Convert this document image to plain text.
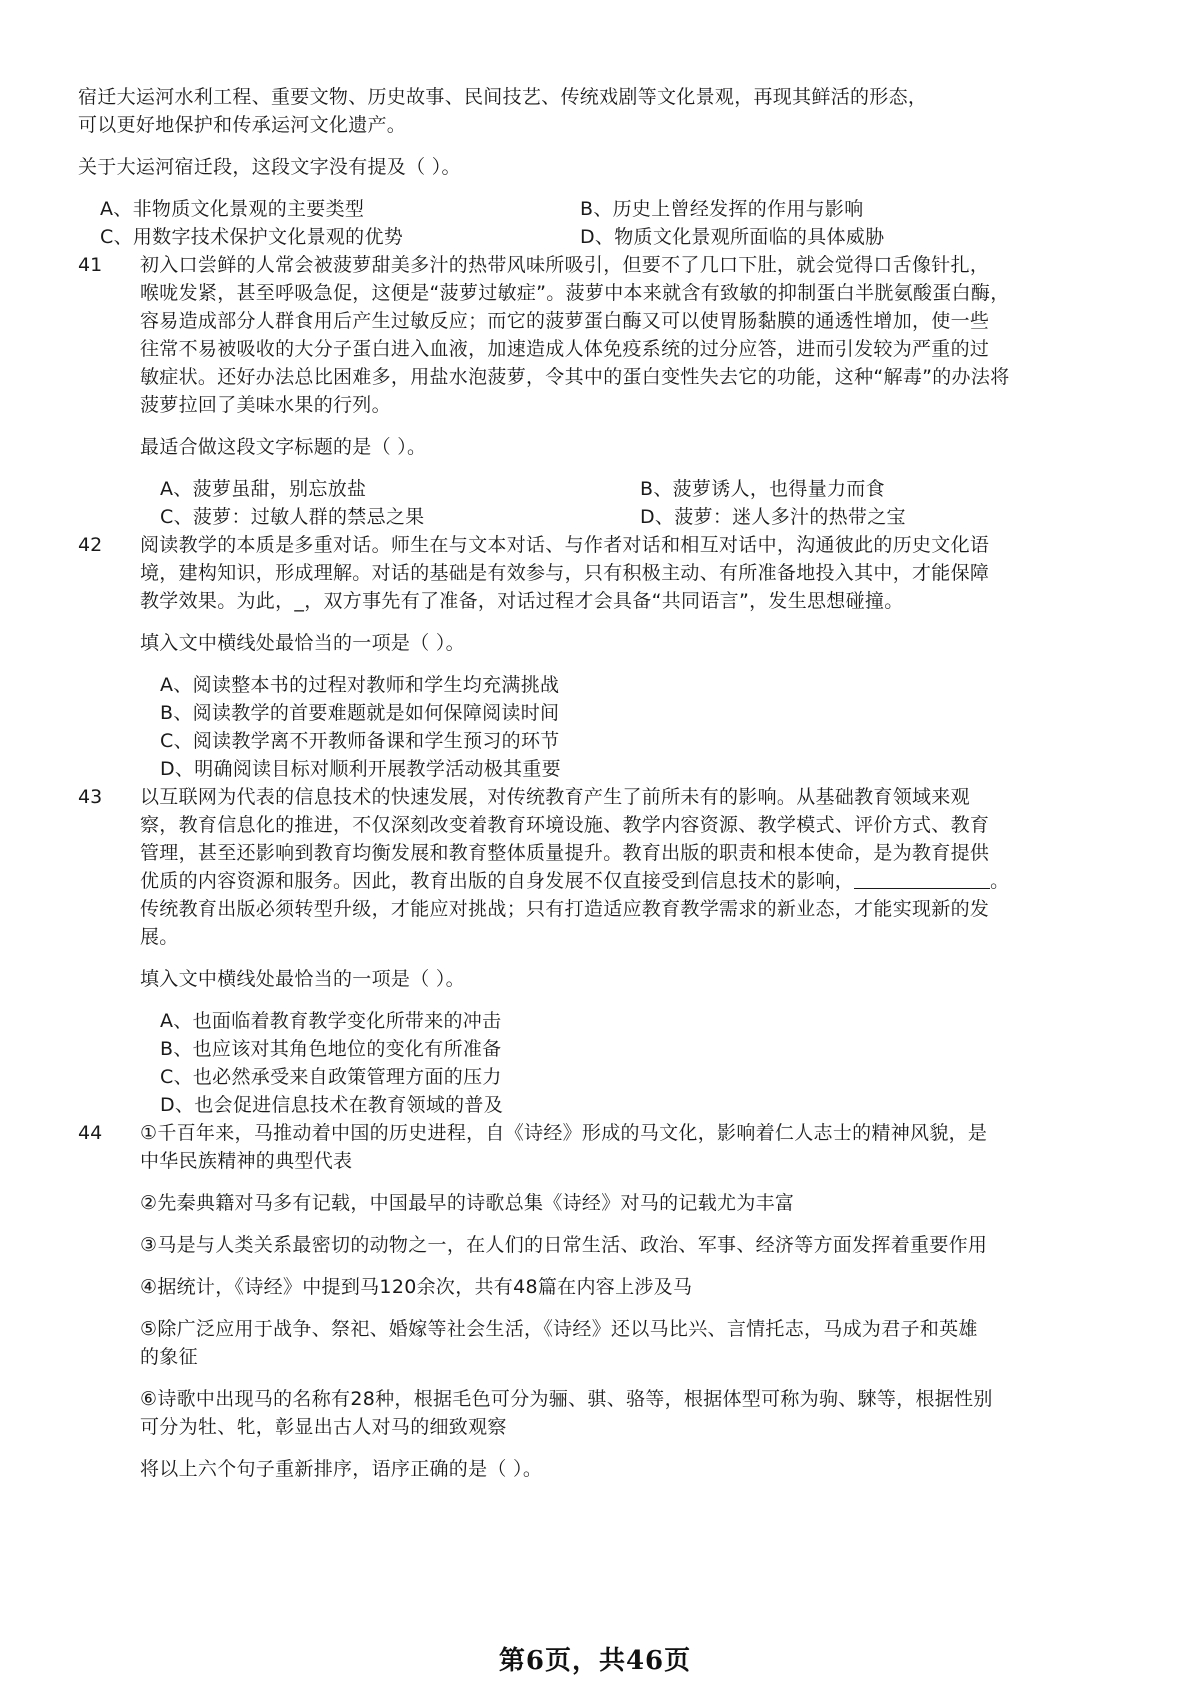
宿迁大运河水利工程、重要文物、历史故事、民间技艺、传统戏剧等文化景观，再现其鲜活的形态，
可以更好地保护和传承运河文化遗产。
关于大运河宿迁段，这段文字没有提及（ ）。
A、非物质文化景观的主要类型	B、历史上曾经发挥的作用与影响
C、用数字技术保护文化景观的优势	D、物质文化景观所面临的具体威胁
41 初入口尝鲜的人常会被菠萝甜美多汁的热带风味所吸引，但要不了几口下肚，就会觉得口舌像针扎，
喉咙发紧，甚至呼吸急促，这便是“菠萝过敏症”。菠萝中本来就含有致敏的抑制蛋白半胱氨酸蛋白酶，
容易造成部分人群食用后产生过敏反应；而它的菠萝蛋白酶又可以使胃肠黏膜的通透性增加，使一些
往常不易被吸收的大分子蛋白进入血液，加速造成人体免疫系统的过分应答，进而引发较为严重的过
敏症状。还好办法总比困难多，用盐水泡菠萝，令其中的蛋白变性失去它的功能，这种“解毒”的办法将
菠萝拉回了美味水果的行列。
最适合做这段文字标题的是（ ）。
A、菠萝虽甜，别忘放盐	B、菠萝诱人，也得量力而食
C、菠萝：过敏人群的禁忌之果	D、菠萝：迷人多汁的热带之宝
42 阅读教学的本质是多重对话。师生在与文本对话、与作者对话和相互对话中，沟通彼此的历史文化语
境，建构知识，形成理解。对话的基础是有效参与，只有积极主动、有所准备地投入其中，才能保障
教学效果。为此，_，双方事先有了准备，对话过程才会具备“共同语言”，发生思想碰撞。
填入文中横线处最恰当的一项是（ ）。
A、阅读整本书的过程对教师和学生均充满挑战
B、阅读教学的首要难题就是如何保障阅读时间
C、阅读教学离不开教师备课和学生预习的环节
D、明确阅读目标对顺利开展教学活动极其重要
43 以互联网为代表的信息技术的快速发展，对传统教育产生了前所未有的影响。从基础教育领域来观
察，教育信息化的推进，不仅深刻改变着教育环境设施、教学内容资源、教学模式、评价方式、教育
管理，甚至还影响到教育均衡发展和教育整体质量提升。教育出版的职责和根本使命，是为教育提供
优质的内容资源和服务。因此，教育出版的自身发展不仅直接受到信息技术的影响，	。
传统教育出版必须转型升级，才能应对挑战；只有打造适应教育教学需求的新业态，才能实现新的发
展。
填入文中横线处最恰当的一项是（ ）。
A、也面临着教育教学变化所带来的冲击
B、也应该对其角色地位的变化有所准备
C、也必然承受来自政策管理方面的压力
D、也会促进信息技术在教育领域的普及
44 ①千百年来，马推动着中国的历史进程，自《诗经》形成的马文化，影响着仁人志士的精神风貌，是
中华民族精神的典型代表
②先秦典籍对马多有记载，中国最早的诗歌总集《诗经》对马的记载尤为丰富
③马是与人类关系最密切的动物之一，在人们的日常生活、政治、军事、经济等方面发挥着重要作用
④据统计，《诗经》中提到马120余次，共有48篇在内容上涉及马
⑤除广泛应用于战争、祭祀、婚嫁等社会生活，《诗经》还以马比兴、言情托志，马成为君子和英雄
的象征
⑥诗歌中出现马的名称有28种，根据毛色可分为骊、骐、骆等，根据体型可称为驹、騋等，根据性别
可分为牡、牝，彰显出古人对马的细致观察
将以上六个句子重新排序，语序正确的是（ ）。
第6页，共46页
